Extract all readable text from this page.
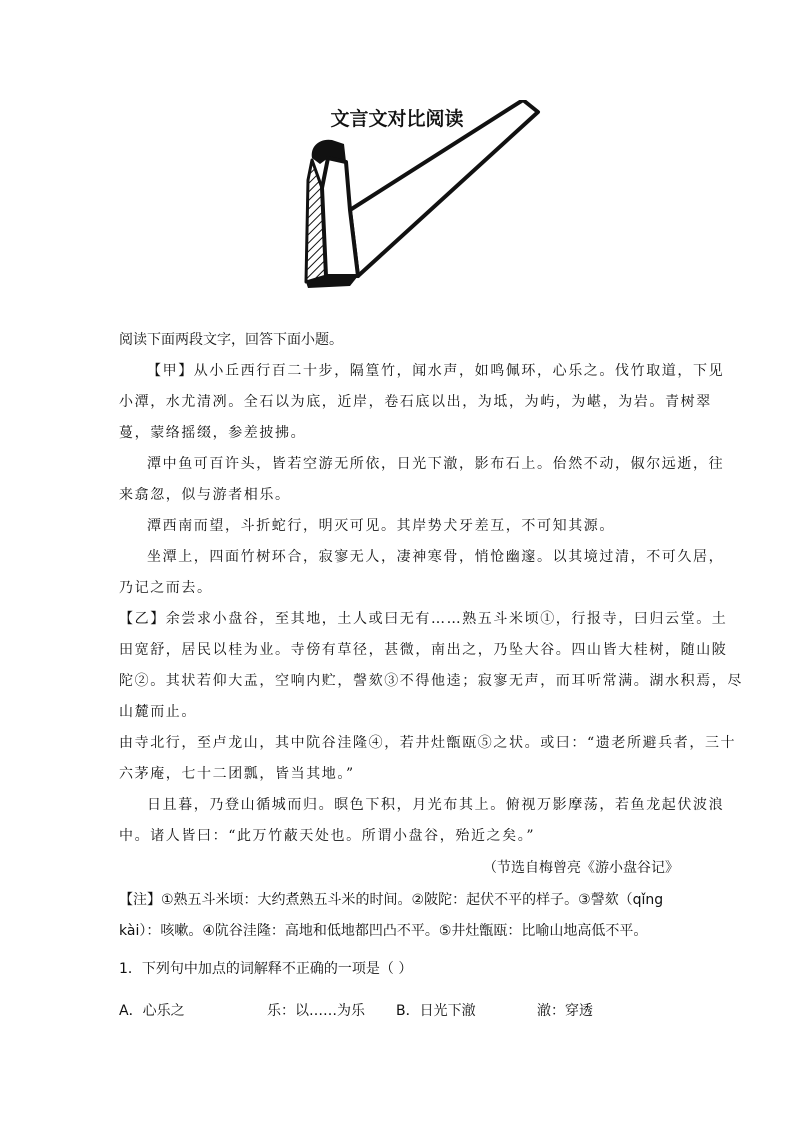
文言文对比阅读
阅读下面两段文字，回答下面小题。
【甲】从小丘西行百二十步，隔篁竹，闻水声，如鸣佩环，心乐之。伐竹取道，下见
小潭，水尤清冽。全石以为底，近岸，卷石底以出，为坻，为屿，为嵁，为岩。青树翠
蔓，蒙络摇缀，参差披拂。
潭中鱼可百许头，皆若空游无所依，日光下澈，影布石上。佁然不动，俶尔远逝，往
来翕忽，似与游者相乐。
潭西南而望，斗折蛇行，明灭可见。其岸势犬牙差互，不可知其源。
坐潭上，四面竹树环合，寂寥无人，凄神寒骨，悄怆幽邃。以其境过清，不可久居，
乃记之而去。
【乙】余尝求小盘谷，至其地，土人或曰无有……熟五斗米顷①，行报寺，曰归云堂。土
田宽舒，居民以桂为业。寺傍有草径，甚微，南出之，乃坠大谷。四山皆大桂树，随山陂
陀②。其状若仰大盂，空响内贮，謦欬③不得他逵；寂寥无声，而耳听常满。湖水积焉，尽
山麓而止。
由寺北行，至卢龙山，其中阬谷洼隆④，若井灶甑瓯⑤之状。或曰：“遗老所避兵者，三十
六茅庵，七十二团瓢，皆当其地。”
日且暮，乃登山循城而归。暝色下积，月光布其上。俯视万影摩荡，若鱼龙起伏波浪
中。诸人皆曰：“此万竹蔽天处也。所谓小盘谷，殆近之矣。”
（节选自梅曾亮《游小盘谷记》
【注】①熟五斗米顷：大约煮熟五斗米的时间。②陂陀：起伏不平的样子。③謦欬（qǐng
kài）：咳嗽。④阬谷洼隆：高地和低地都凹凸不平。⑤井灶甑瓯：比喻山地高低不平。
1．下列句中加点的词解释不正确的一项是（ ）
A．心乐之	乐：以……为乐 B．日光下澈	澈：穿透
